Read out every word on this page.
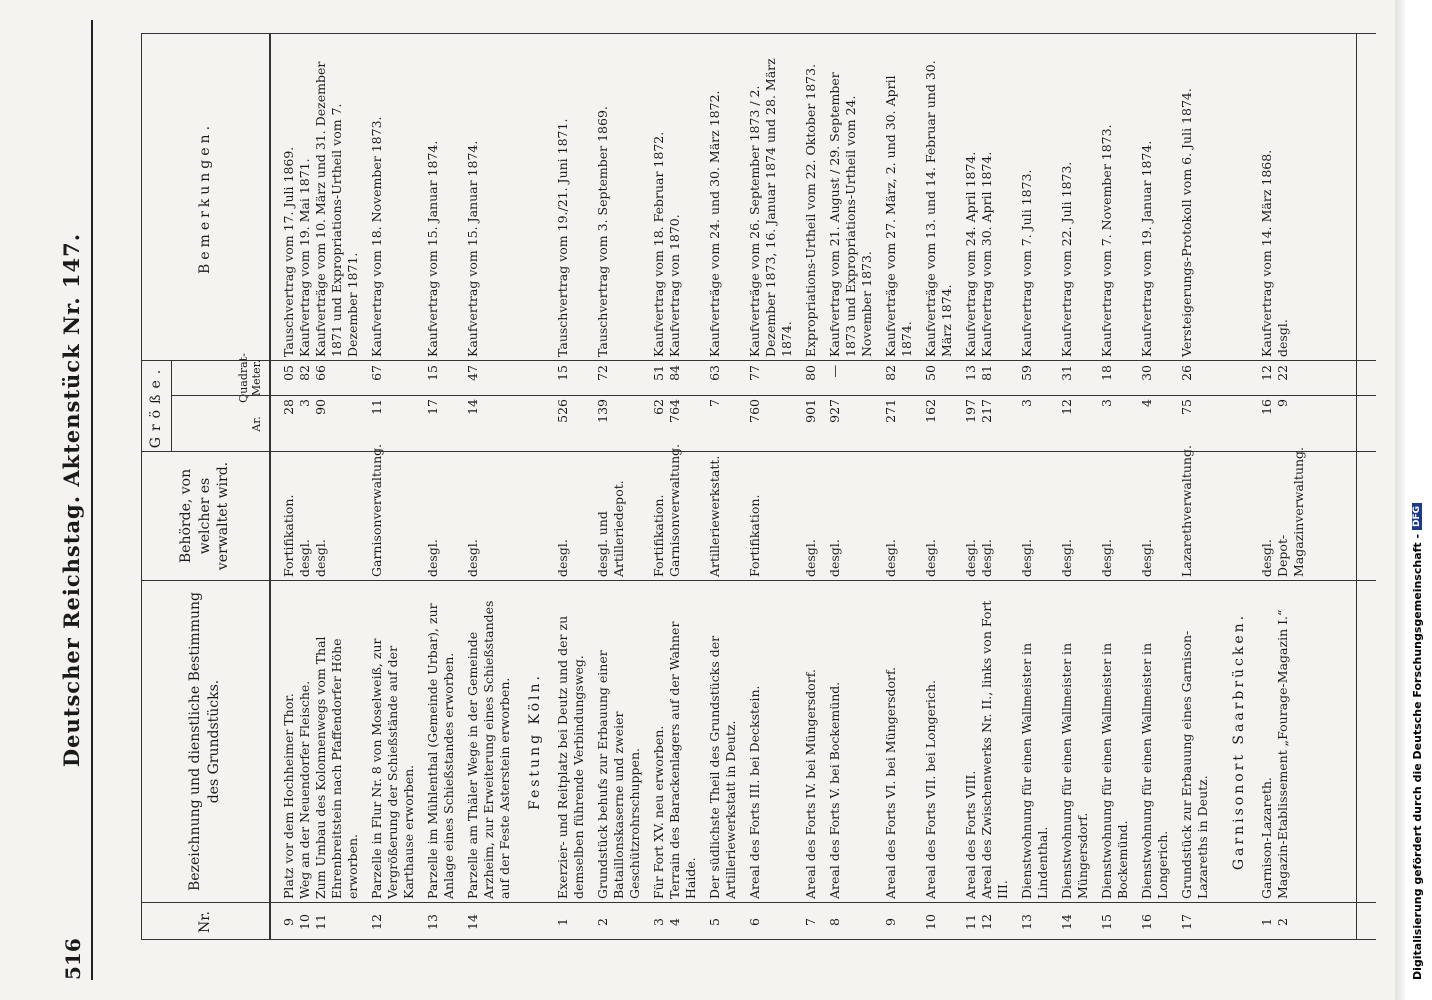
516
Deutscher Reichstag. Aktenstück Nr. 147.
Nr.
Bezeichnung und dienstliche Bestimmung des Grundstücks.
Behörde, von welcher es verwaltet wird.
Größe.	Ar.
Quadrat-Meter.
Bemerkungen.
9
10
11
Platz vor dem Hochheimer Thor.
Weg an der Neuendorfer Fleische.
Zum Umbau des Kolonnenwegs vom Thal Ehrenbreitstein nach Pfaffendorfer Höhe erworben.
Fortifikation.
desgl.
desgl.
28
3
90
05
82
66
Tauschvertrag vom 17. Juli 1869.
Kaufvertrag vom 19. Mai 1871.
Kaufverträge vom 10. März und 31. Dezember 1871 und Expropriations-Urtheil vom 7. Dezember 1871.
12
Parzelle in Flur Nr. 8 von Moselweiß, zur Vergrößerung der Schießstände auf der Karthause erworben.
Garnisonverwaltung.
11
67
Kaufvertrag vom 18. November 1873.
13
Parzelle im Mühlenthal (Gemeinde Urbar), zur Anlage eines Schießstandes erworben.
desgl.
17
15
Kaufvertrag vom 15. Januar 1874.
14
Parzelle am Thäler Wege in der Gemeinde Arzheim, zur Erweiterung eines Schießstandes auf der Feste Asterstein erworben.
desgl.
14
47
Kaufvertrag vom 15. Januar 1874.
Festung Köln.
1
Exerzier- und Reitplatz bei Deutz und der zu demselben führende Verbindungsweg.
desgl.
526
15
Tauschvertrag vom 19./21. Juni 1871.
2
Grundstück behufs zur Erbauung einer Bataillonskaserne und zweier Geschützrohrschuppen.
desgl. und Artilleriedepot.
139
72
Tauschvertrag vom 3. September 1869.
3
4
Für Fort XV. neu erworben.
Terrain des Barackenlagers auf der Wahner Haide.
Fortifikation.
Garnisonverwaltung.
62
764
51
84
Kaufvertrag vom 18. Februar 1872.
Kaufvertrag von 1870.
5
Der südlichste Theil des Grundstücks der Artilleriewerkstatt in Deutz.
Artilleriewerkstatt.
7
63
Kaufverträge vom 24. und 30. März 1872.
6
Areal des Forts III. bei Deckstein.
Fortifikation.
760
77
Kaufverträge vom 26. September 1873 / 2. Dezember 1873, 16. Januar 1874 und 28. März 1874.
7
Areal des Forts IV. bei Müngersdorf.
desgl.
901
80
Expropriations-Urtheil vom 22. Oktober 1873.
8
Areal des Forts V. bei Bockemünd.
desgl.
927
—
Kaufvertrag vom 21. August / 29. September 1873 und Expropriations-Urtheil vom 24. November 1873.
9
Areal des Forts VI. bei Müngersdorf.
desgl.
271
82
Kaufverträge vom 27. März, 2. und 30. April 1874.
10
Areal des Forts VII. bei Longerich.
desgl.
162
50
Kaufverträge vom 13. und 14. Februar und 30. März 1874.
11
12
Areal des Forts VIII.
Areal des Zwischenwerks Nr. II., links von Fort III.
desgl.
desgl.
197
217
13
81
Kaufvertrag vom 24. April 1874.
Kaufvertrag vom 30. April 1874.
13
Dienstwohnung für einen Wallmeister in Lindenthal.
desgl.
3
59
Kaufvertrag vom 7. Juli 1873.
14
Dienstwohnung für einen Wallmeister in Müngersdorf.
desgl.
12
31
Kaufvertrag vom 22. Juli 1873.
15
Dienstwohnung für einen Wallmeister in Bockemünd.
desgl.
3
18
Kaufvertrag vom 7. November 1873.
16
Dienstwohnung für einen Wallmeister in Longerich.
desgl.
4
30
Kaufvertrag vom 19. Januar 1874.
17
Grundstück zur Erbauung eines Garnison-Lazareths in Deutz.
Lazarethverwaltung.
75
26
Versteigerungs-Protokoll vom 6. Juli 1874.
Garnisonort Saarbrücken.
1
2
Garnison-Lazareth.
Magazin-Etablissement „Fourage-Magazin I.“
desgl.
Depot-Magazinverwaltung.
16
9
12
22
Kaufvertrag vom 14. März 1868.
desgl.
Digitalisierung gefördert durch die Deutsche Forschungsgemeinschaft -
DFG
